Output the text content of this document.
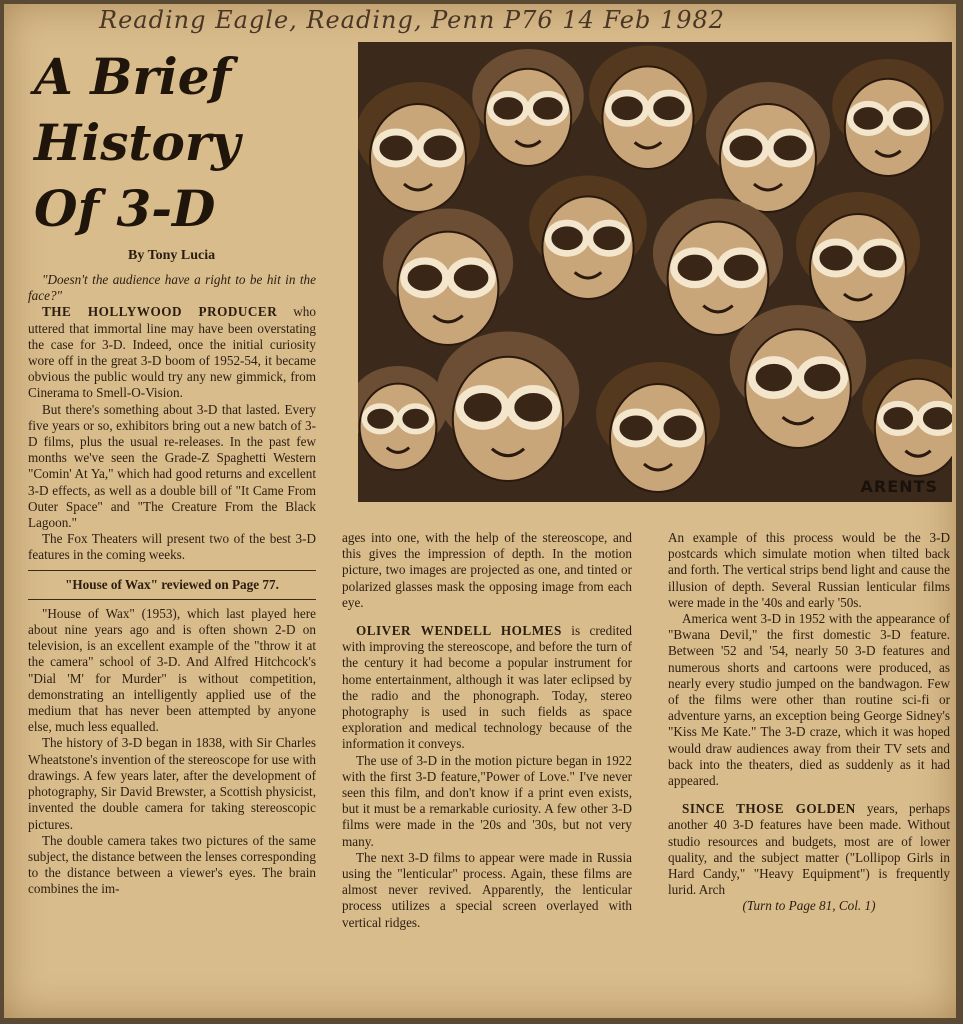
Reading Eagle, Reading, Penn P76 14 Feb 1982
A Brief
History
Of 3-D
By Tony Lucia
ARENTS

"Doesn't the audience have a right to be hit in the face?"

THE HOLLYWOOD PRODUCER who uttered that immortal line may have been overstating the case for 3-D. Indeed, once the initial curiosity wore off in the great 3-D boom of 1952-54, it became obvious the public would try any new gimmick, from Cinerama to Smell-O-Vision.

But there's something about 3-D that lasted. Every five years or so, exhibitors bring out a new batch of 3-D films, plus the usual re-releases. In the past few months we've seen the Grade-Z Spaghetti Western "Comin' At Ya," which had good returns and excellent 3-D effects, as well as a double bill of "It Came From Outer Space" and "The Creature From the Black Lagoon."

The Fox Theaters will present two of the best 3-D features in the coming weeks.

"House of Wax" reviewed on Page 77.

"House of Wax" (1953), which last played here about nine years ago and is often shown 2-D on television, is an excellent example of the "throw it at the camera" school of 3-D. And Alfred Hitchcock's "Dial 'M' for Murder" is without competition, demonstrating an intelligently applied use of the medium that has never been attempted by anyone else, much less equalled.

The history of 3-D began in 1838, with Sir Charles Wheatstone's invention of the stereoscope for use with drawings. A few years later, after the development of photography, Sir David Brewster, a Scottish physicist, invented the double camera for taking stereoscopic pictures.

The double camera takes two pictures of the same subject, the distance between the lenses corresponding to the distance between a viewer's eyes. The brain combines the im-

ages into one, with the help of the stereoscope, and this gives the impression of depth. In the motion picture, two images are projected as one, and tinted or polarized glasses mask the opposing image from each eye.

OLIVER WENDELL HOLMES is credited with improving the stereoscope, and before the turn of the century it had become a popular instrument for home entertainment, although it was later eclipsed by the radio and the phonograph. Today, stereo photography is used in such fields as space exploration and medical technology because of the information it conveys.

The use of 3-D in the motion picture began in 1922 with the first 3-D feature,"Power of Love." I've never seen this film, and don't know if a print even exists, but it must be a remarkable curiosity. A few other 3-D films were made in the '20s and '30s, but not very many.

The next 3-D films to appear were made in Russia using the "lenticular" process. Again, these films are almost never revived. Apparently, the lenticular process utilizes a special screen overlayed with vertical ridges.

An example of this process would be the 3-D postcards which simulate motion when tilted back and forth. The vertical strips bend light and cause the illusion of depth. Several Russian lenticular films were made in the '40s and early '50s.

America went 3-D in 1952 with the appearance of "Bwana Devil," the first domestic 3-D feature. Between '52 and '54, nearly 50 3-D features and numerous shorts and cartoons were produced, as nearly every studio jumped on the bandwagon. Few of the films were other than routine sci-fi or adventure yarns, an exception being George Sidney's "Kiss Me Kate." The 3-D craze, which it was hoped would draw audiences away from their TV sets and back into the theaters, died as suddenly as it had appeared.

SINCE THOSE GOLDEN years, perhaps another 40 3-D features have been made. Without studio resources and budgets, most are of lower quality, and the subject matter ("Lollipop Girls in Hard Candy," "Heavy Equipment") is frequently lurid. Arch

(Turn to Page 81, Col. 1)
